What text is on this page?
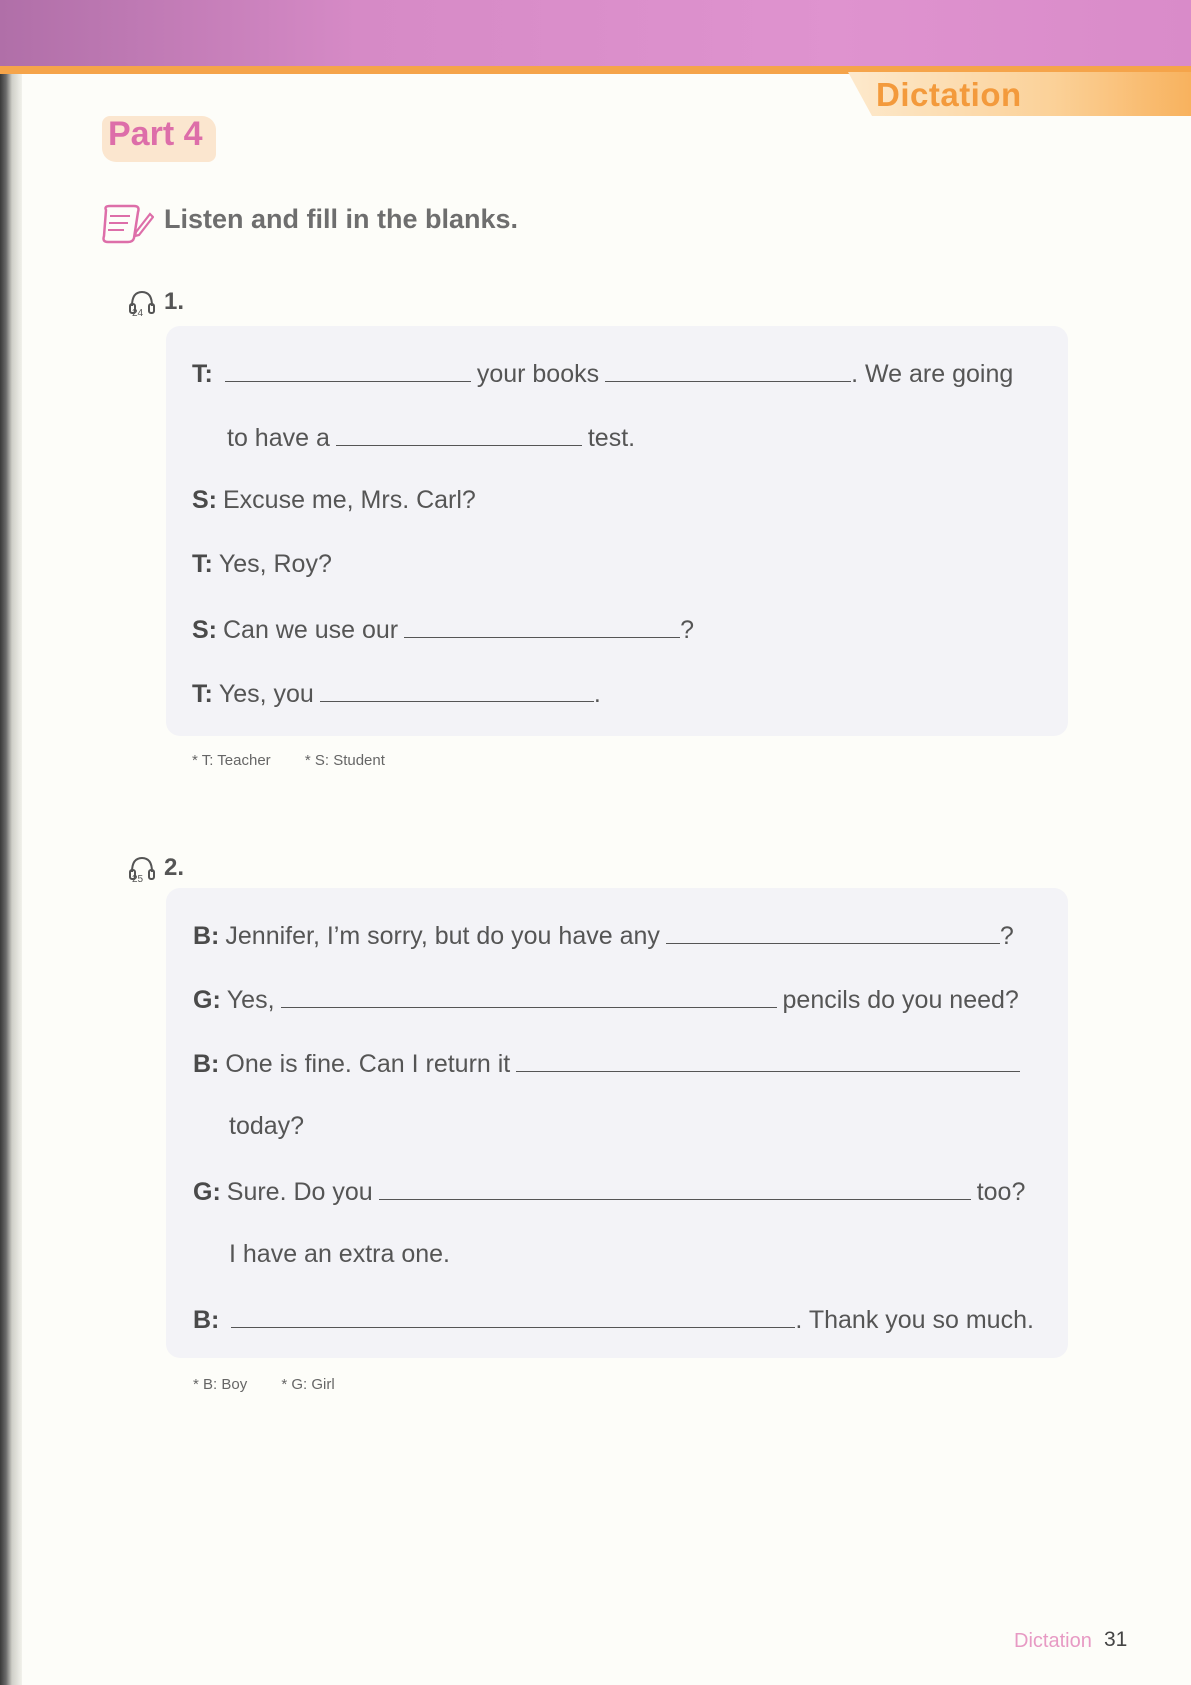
Dictation
Part 4
Listen and fill in the blanks.
24 1.
T:	your books	. We are going
to have a	test.
S: Excuse me, Mrs. Carl?
T: Yes, Roy?
S: Can we use our	?
T: Yes, you	.
* T: Teacher * S: Student
25 2.
B: Jennifer, I’m sorry, but do you have any	?
G: Yes,	pencils do you need?
B: One is fine. Can I return it
today?
G: Sure. Do you	too?
I have an extra one.
B:	. Thank you so much.
* B: Boy * G: Girl
Dictation 31
